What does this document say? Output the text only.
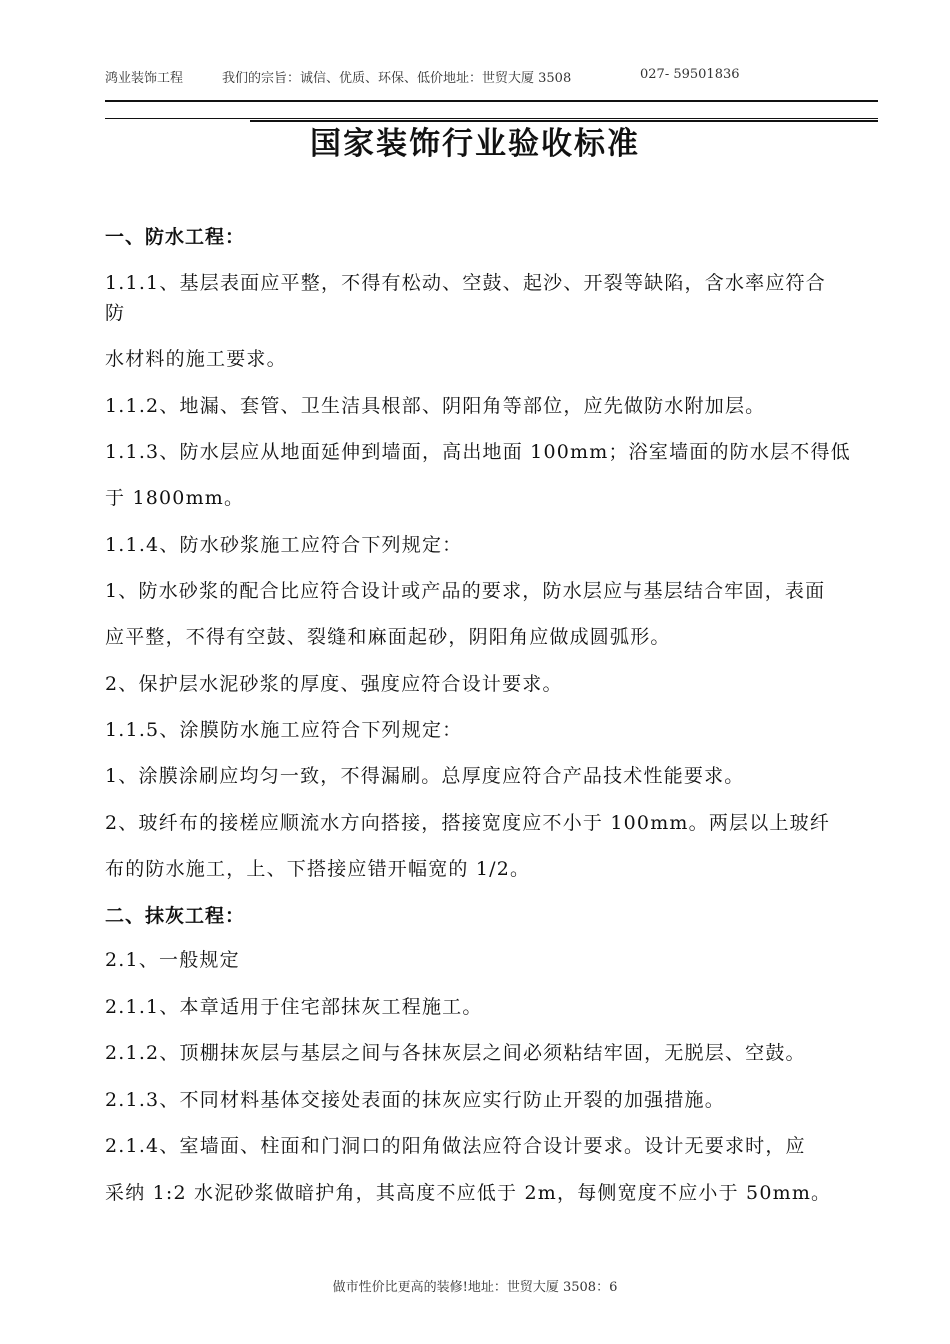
鸿业装饰工程	我们的宗旨：诚信、优质、环保、低价地址：世贸大厦 3508	027- 59501836
国家装饰行业验收标准
一、防水工程：
1.1.1、基层表面应平整，不得有松动、空鼓、起沙、开裂等缺陷，含水率应符合
防
水材料的施工要求。
1.1.2、地漏、套管、卫生洁具根部、阴阳角等部位，应先做防水附加层。
1.1.3、防水层应从地面延伸到墙面，高出地面 100mm；浴室墙面的防水层不得低
于 1800mm。
1.1.4、防水砂浆施工应符合下列规定：
1、防水砂浆的配合比应符合设计或产品的要求，防水层应与基层结合牢固，表面
应平整，不得有空鼓、裂缝和麻面起砂，阴阳角应做成圆弧形。
2、保护层水泥砂浆的厚度、强度应符合设计要求。
1.1.5、涂膜防水施工应符合下列规定：
1、涂膜涂刷应均匀一致，不得漏刷。总厚度应符合产品技术性能要求。
2、玻纤布的接槎应顺流水方向搭接，搭接宽度应不小于 100mm。两层以上玻纤
布的防水施工，上、下搭接应错开幅宽的 1/2。
二、抹灰工程：
2.1、一般规定
2.1.1、本章适用于住宅部抹灰工程施工。
2.1.2、顶棚抹灰层与基层之间与各抹灰层之间必须粘结牢固，无脱层、空鼓。
2.1.3、不同材料基体交接处表面的抹灰应实行防止开裂的加强措施。
2.1.4、室墙面、柱面和门洞口的阳角做法应符合设计要求。设计无要求时，应
采纳 1:2 水泥砂浆做暗护角，其高度不应低于 2m，每侧宽度不应小于 50mm。
做市性价比更高的装修!地址：世贸大厦 3508：6
